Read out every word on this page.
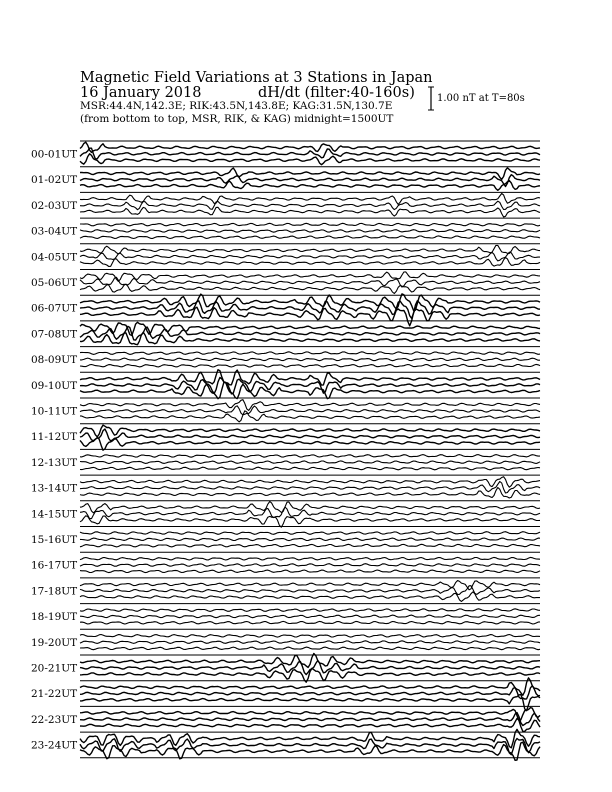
Magnetic Field Variations at 3 Stations in Japan
16 January 2018	dH/dt (filter:40-160s)
MSR:44.4N,142.3E; RIK:43.5N,143.8E; KAG:31.5N,130.7E
(from bottom to top, MSR, RIK, & KAG) midnight=1500UT
1.00 nT at T=80s
00-01UT
01-02UT
02-03UT
03-04UT
04-05UT
05-06UT
06-07UT
07-08UT
08-09UT
09-10UT
10-11UT
11-12UT
12-13UT
13-14UT
14-15UT
15-16UT
16-17UT
17-18UT
18-19UT
19-20UT
20-21UT
21-22UT
22-23UT
23-24UT
